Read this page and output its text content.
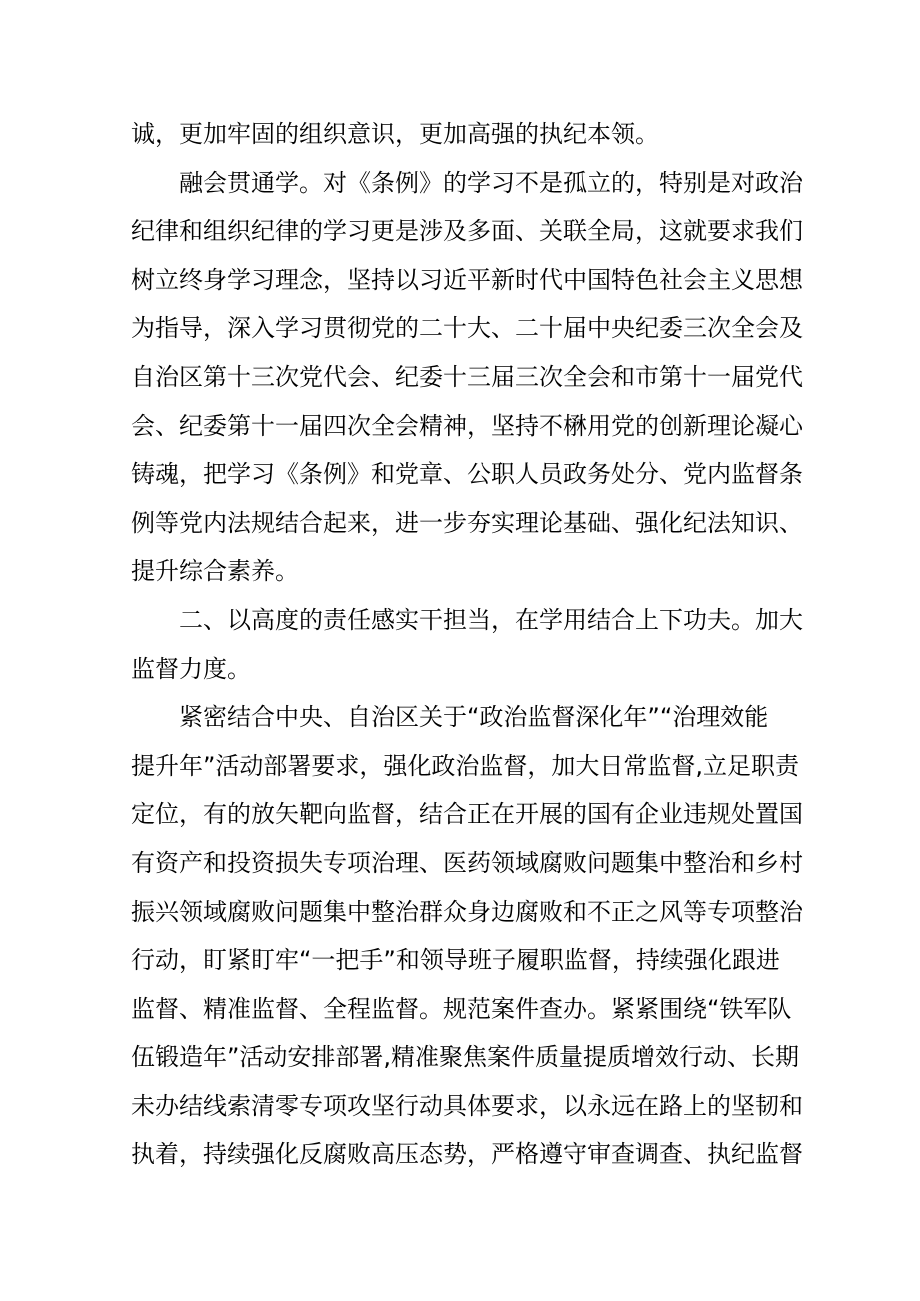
诚，更加牢固的组织意识，更加高强的执纪本领。
　　融会贯通学。对《条例》的学习不是孤立的，特别是对政治
纪律和组织纪律的学习更是涉及多面、关联全局，这就要求我们
树立终身学习理念，坚持以习近平新时代中国特色社会主义思想
为指导，深入学习贯彻党的二十大、二十届中央纪委三次全会及
自治区第十三次党代会、纪委十三届三次全会和市第十一届党代
会、纪委第十一届四次全会精神，坚持不楙用党的创新理论凝心
铸魂，把学习《条例》和党章、公职人员政务处分、党内监督条
例等党内法规结合起来，进一步夯实理论基础、强化纪法知识、
提升综合素养。
　　二、以高度的责任感实干担当，在学用结合上下功夫。加大
监督力度。
　　紧密结合中央、自治区关于“政治监督深化年”“治理效能
提升年”活动部署要求，强化政治监督，加大日常监督,立足职责
定位，有的放矢靶向监督，结合正在开展的国有企业违规处置国
有资产和投资损失专项治理、医药领域腐败问题集中整治和乡村
振兴领域腐败问题集中整治群众身边腐败和不正之风等专项整治
行动，盯紧盯牢“一把手”和领导班子履职监督，持续强化跟进
监督、精准监督、全程监督。规范案件查办。紧紧围绕“铁军队
伍锻造年”活动安排部署,精准聚焦案件质量提质增效行动、长期
未办结线索清零专项攻坚行动具体要求，以永远在路上的坚韧和
执着，持续强化反腐败高压态势，严格遵守审查调查、执纪监督
